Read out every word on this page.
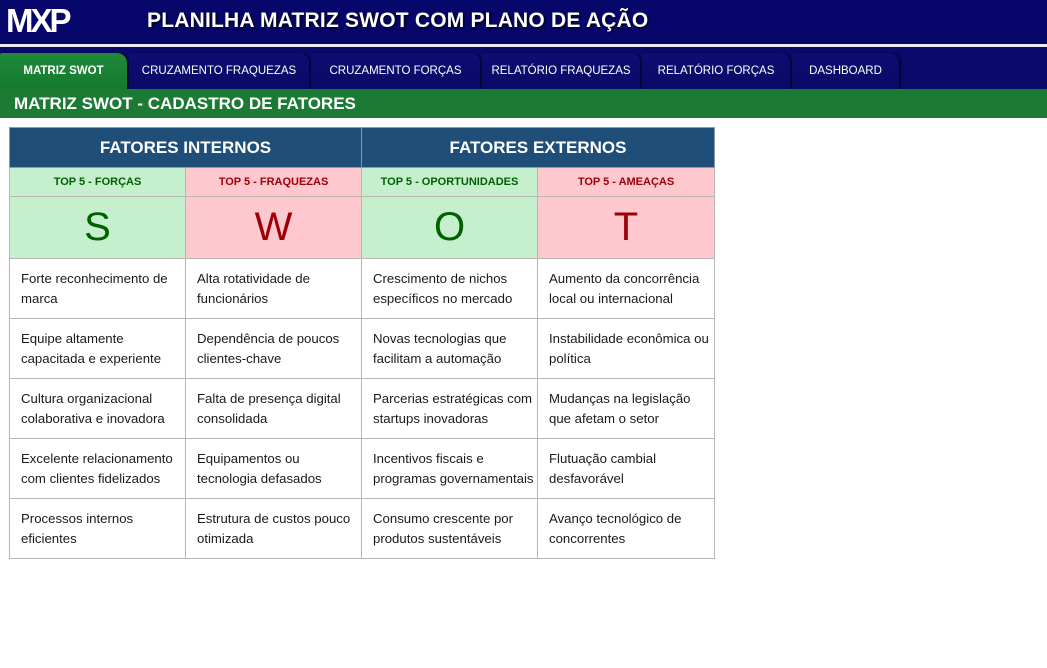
MXP	PLANILHA MATRIZ SWOT COM PLANO DE AÇÃO
MATRIZ SWOT	CRUZAMENTO FRAQUEZAS	CRUZAMENTO FORÇAS	RELATÓRIO FRAQUEZAS	RELATÓRIO FORÇAS	DASHBOARD
MATRIZ SWOT - CADASTRO DE FATORES
FATORES INTERNOS		FATORES EXTERNOS	
TOP 5 - FORÇAS	TOP 5 - FRAQUEZAS	TOP 5 - OPORTUNIDADES	TOP 5 - AMEAÇAS
S	W	O	T
Forte reconhecimento de marca	Alta rotatividade de funcionários	Crescimento de nichos específicos no mercado	Aumento da concorrência local ou internacional
Equipe altamente capacitada e experiente	Dependência de poucos clientes-chave	Novas tecnologias que facilitam a automação	Instabilidade econômica ou política
Cultura organizacional colaborativa e inovadora	Falta de presença digital consolidada	Parcerias estratégicas com startups inovadoras	Mudanças na legislação que afetam o setor
Excelente relacionamento com clientes fidelizados	Equipamentos ou tecnologia defasados	Incentivos fiscais e programas governamentais	Flutuação cambial desfavorável
Processos internos eficientes	Estrutura de custos pouco otimizada	Consumo crescente por produtos sustentáveis	Avanço tecnológico de concorrentes
